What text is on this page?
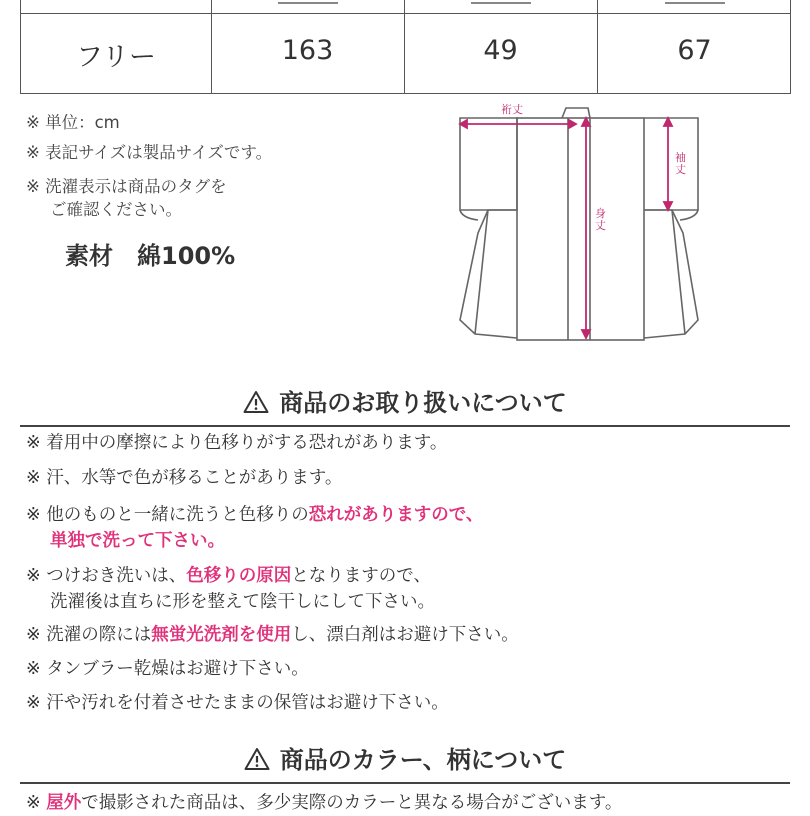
フリー	163	49	67
※ 単位：cm
※ 表記サイズは製品サイズです。
※ 洗濯表示は商品のタグを
ご確認ください。
素材　綿100%
裄丈
袖丈
身丈
商品のお取り扱いについて
※ 着用中の摩擦により色移りがする恐れがあります。
※ 汗、水等で色が移ることがあります。
※ 他のものと一緒に洗うと色移りの恐れがありますので、
単独で洗って下さい。
※ つけおき洗いは、色移りの原因となりますので、
洗濯後は直ちに形を整えて陰干しにして下さい。
※ 洗濯の際には無蛍光洗剤を使用し、漂白剤はお避け下さい。
※ タンブラー乾燥はお避け下さい。
※ 汗や汚れを付着させたままの保管はお避け下さい。
商品のカラー、柄について
※ 屋外で撮影された商品は、多少実際のカラーと異なる場合がございます。
